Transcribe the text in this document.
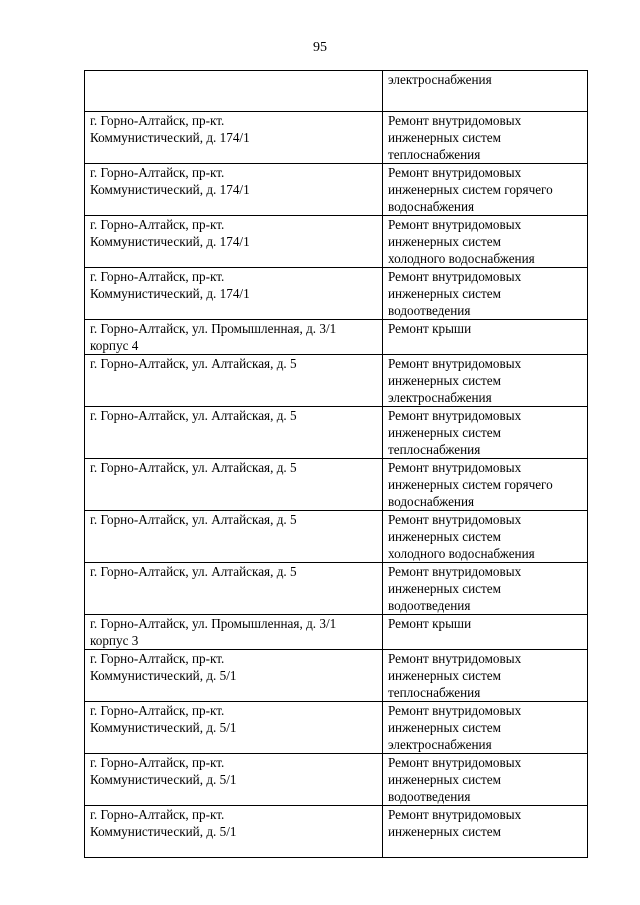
95
	электроснабжения
г. Горно-Алтайск, пр-кт.
Коммунистический, д. 174/1	Ремонт внутридомовых
инженерных систем
теплоснабжения
г. Горно-Алтайск, пр-кт.
Коммунистический, д. 174/1	Ремонт внутридомовых
инженерных систем горячего
водоснабжения
г. Горно-Алтайск, пр-кт.
Коммунистический, д. 174/1	Ремонт внутридомовых
инженерных систем
холодного водоснабжения
г. Горно-Алтайск, пр-кт.
Коммунистический, д. 174/1	Ремонт внутридомовых
инженерных систем
водоотведения
г. Горно-Алтайск, ул. Промышленная, д. 3/1
корпус 4	Ремонт крыши
г. Горно-Алтайск, ул. Алтайская, д. 5	Ремонт внутридомовых
инженерных систем
электроснабжения
г. Горно-Алтайск, ул. Алтайская, д. 5	Ремонт внутридомовых
инженерных систем
теплоснабжения
г. Горно-Алтайск, ул. Алтайская, д. 5	Ремонт внутридомовых
инженерных систем горячего
водоснабжения
г. Горно-Алтайск, ул. Алтайская, д. 5	Ремонт внутридомовых
инженерных систем
холодного водоснабжения
г. Горно-Алтайск, ул. Алтайская, д. 5	Ремонт внутридомовых
инженерных систем
водоотведения
г. Горно-Алтайск, ул. Промышленная, д. 3/1
корпус 3	Ремонт крыши
г. Горно-Алтайск, пр-кт.
Коммунистический, д. 5/1	Ремонт внутридомовых
инженерных систем
теплоснабжения
г. Горно-Алтайск, пр-кт.
Коммунистический, д. 5/1	Ремонт внутридомовых
инженерных систем
электроснабжения
г. Горно-Алтайск, пр-кт.
Коммунистический, д. 5/1	Ремонт внутридомовых
инженерных систем
водоотведения
г. Горно-Алтайск, пр-кт.
Коммунистический, д. 5/1	Ремонт внутридомовых
инженерных систем
